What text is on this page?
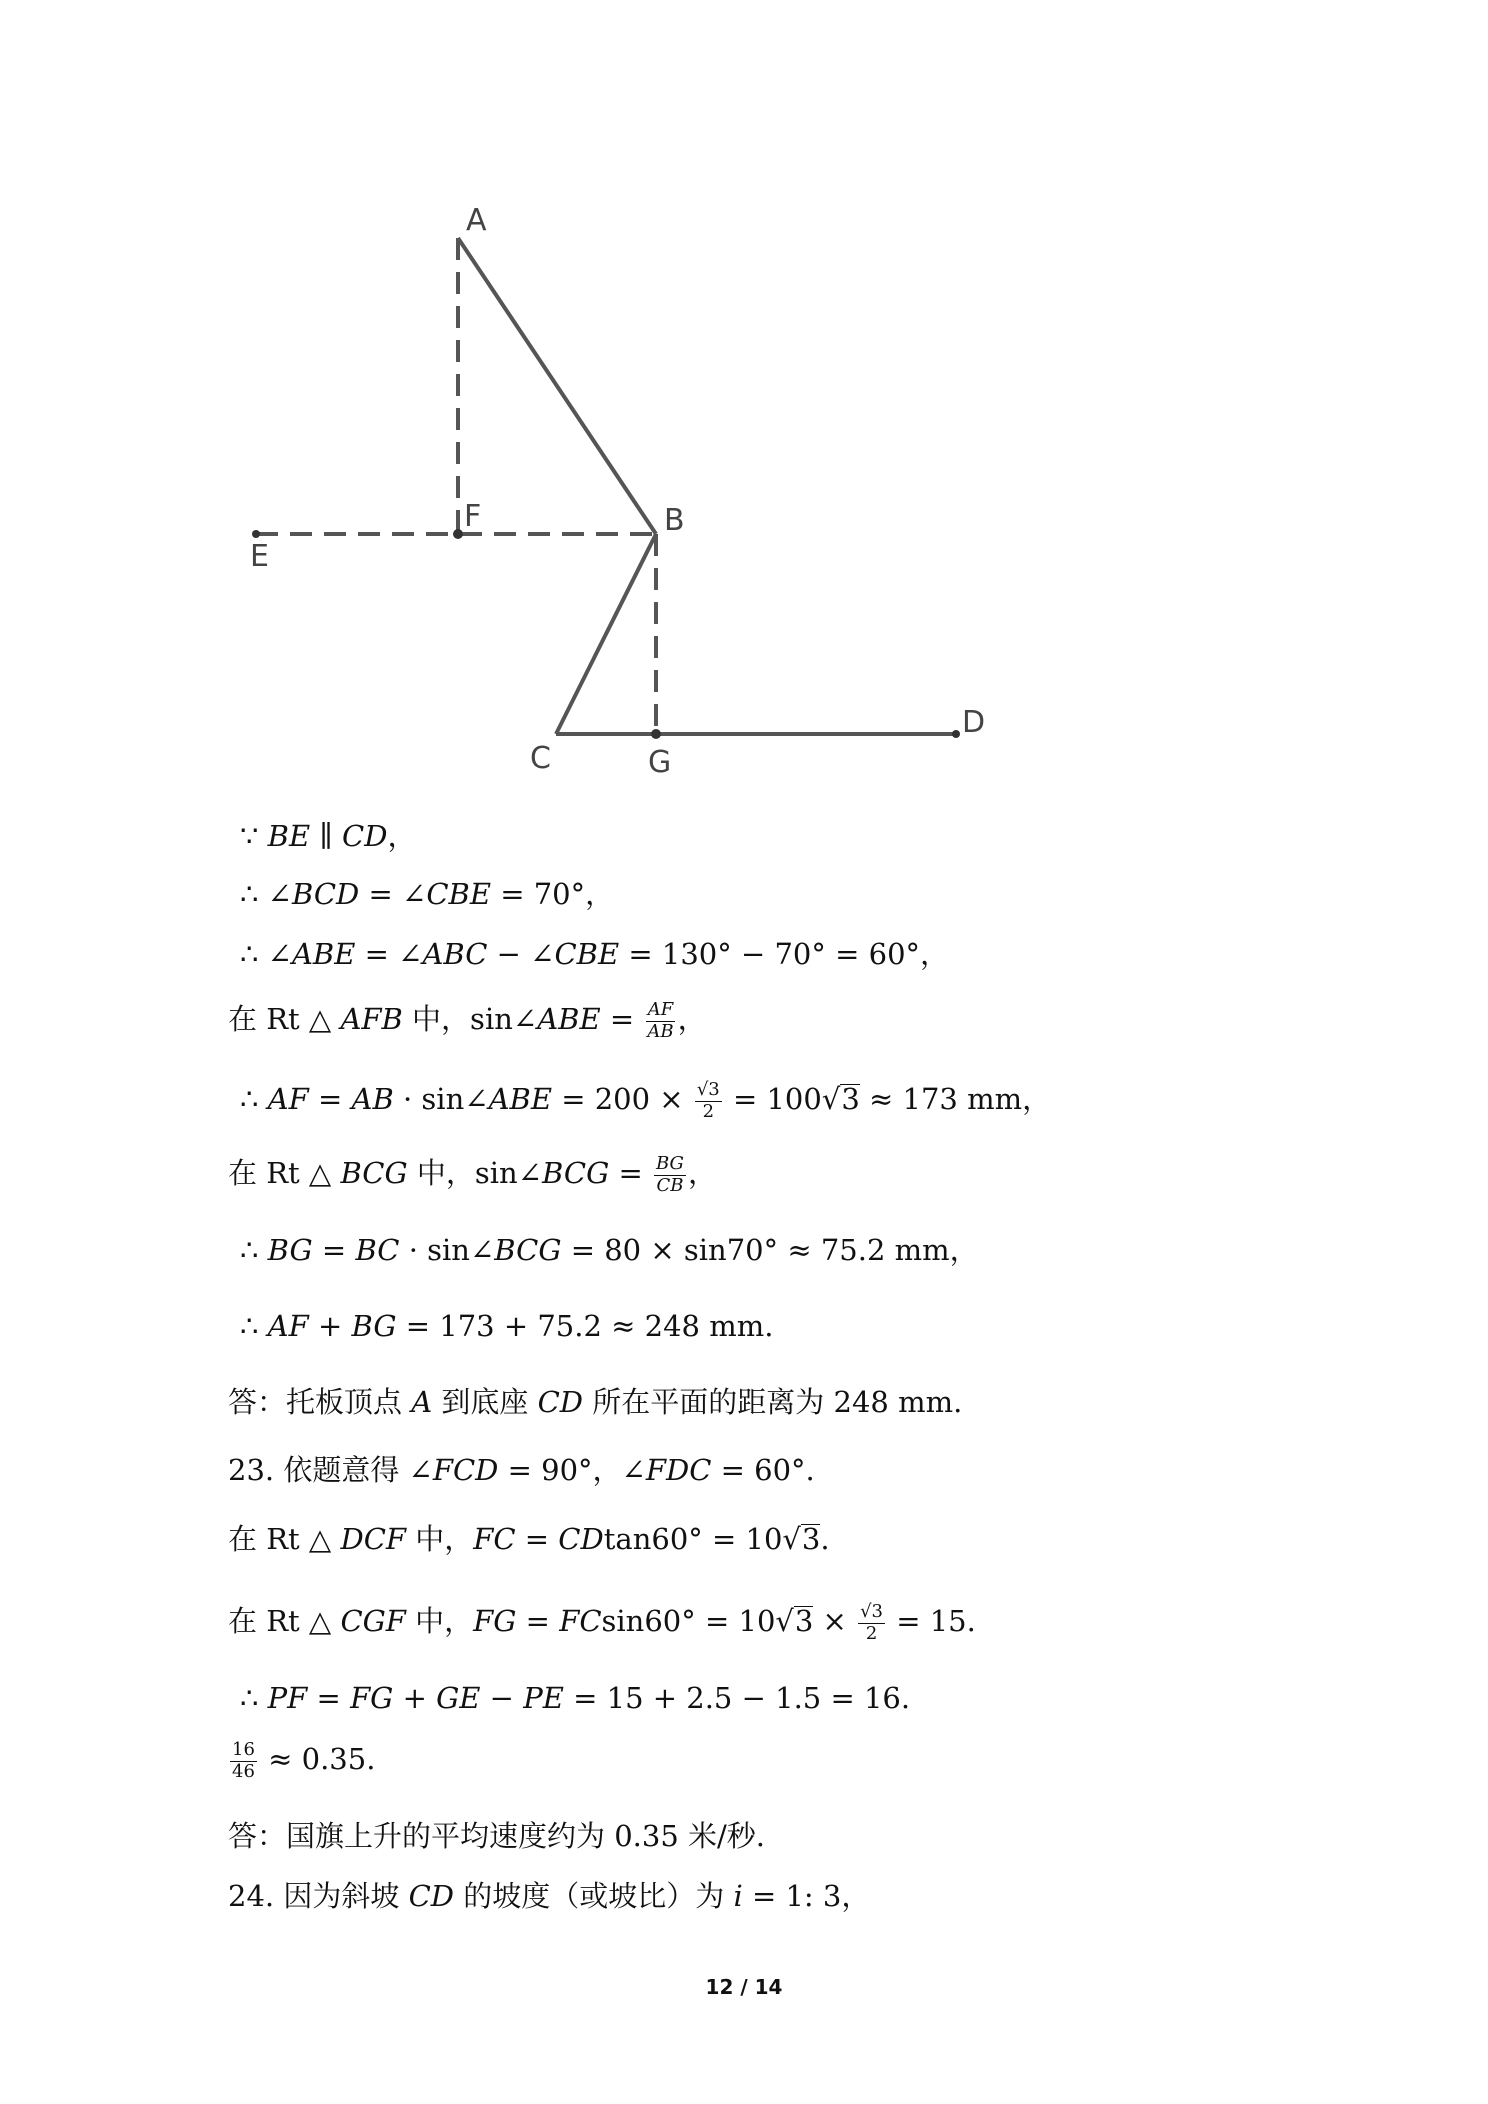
A
F	B
E
C	G
D
∵ BE ∥ CD，
∴ ∠BCD = ∠CBE = 70°，
∴ ∠ABE = ∠ABC − ∠CBE = 130° − 70° = 60°，
在 Rt △ AFB 中，sin∠ABE = $\frac{AF}{AB}$ ，
∴ AF = AB · sin∠ABE = $200 \times \frac{√3}{2} = 100√3 \approx 173$ mm，
在 Rt △ BCG 中，sin∠BCG = $\frac{BG}{CB}$ ，
∴ BG = BC · sin∠BCG = 80 × sin70° ≈ 75.2 mm，
∴ AF + BG = 173 + 75.2 ≈ 248 mm.
答：托板顶点 A 到底座 CD 所在平面的距离为 248 mm.
23. 依题意得 ∠FCD = 90°，∠FDC = 60°.
在 Rt △ DCF 中，FC = CDtan60° = 10√3.
在 Rt △ CGF 中，FG = $FCsin60^\circ = 10√3 \times \frac{√3}{2} = 15$.
∴ PF = FG + GE − PE = 15 + 2.5 − 1.5 = 16.
$\frac{16}{46} \approx 0.35$.
答：国旗上升的平均速度约为 0.35 米/秒.
24. 因为斜坡 CD 的坡度（或坡比）为 i = 1: 3，
12 / 14
